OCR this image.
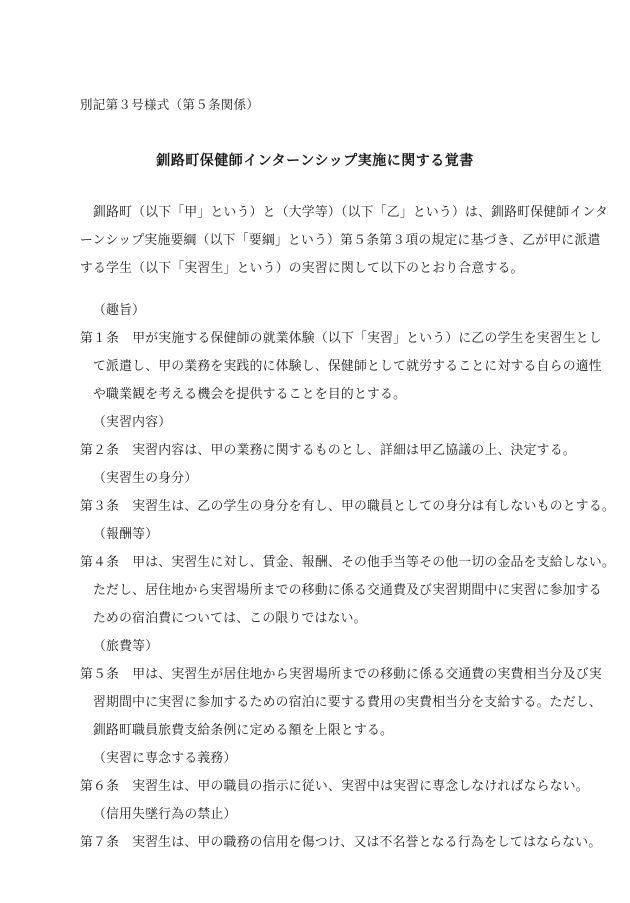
別記第３号様式（第５条関係）
釧路町保健師インターンシップ実施に関する覚書
　釧路町（以下「甲」という）と（大学等）（以下「乙」という）は、釧路町保健師インタ
ーンシップ実施要綱（以下「要綱」という）第５条第３項の規定に基づき、乙が甲に派遣
する学生（以下「実習生」という）の実習に関して以下のとおり合意する。
（趣旨）
第１条　甲が実施する保健師の就業体験（以下「実習」という）に乙の学生を実習生とし
て派遣し、甲の業務を実践的に体験し、保健師として就労することに対する自らの適性
や職業観を考える機会を提供することを目的とする。
（実習内容）
第２条　実習内容は、甲の業務に関するものとし、詳細は甲乙協議の上、決定する。
（実習生の身分）
第３条　実習生は、乙の学生の身分を有し、甲の職員としての身分は有しないものとする。
（報酬等）
第４条　甲は、実習生に対し、賃金、報酬、その他手当等その他一切の金品を支給しない。
ただし、居住地から実習場所までの移動に係る交通費及び実習期間中に実習に参加する
ための宿泊費については、この限りではない。
（旅費等）
第５条　甲は、実習生が居住地から実習場所までの移動に係る交通費の実費相当分及び実
習期間中に実習に参加するための宿泊に要する費用の実費相当分を支給する。ただし、
釧路町職員旅費支給条例に定める額を上限とする。
（実習に専念する義務）
第６条　実習生は、甲の職員の指示に従い、実習中は実習に専念しなければならない。
（信用失墜行為の禁止）
第７条　実習生は、甲の職務の信用を傷つけ、又は不名誉となる行為をしてはならない。
